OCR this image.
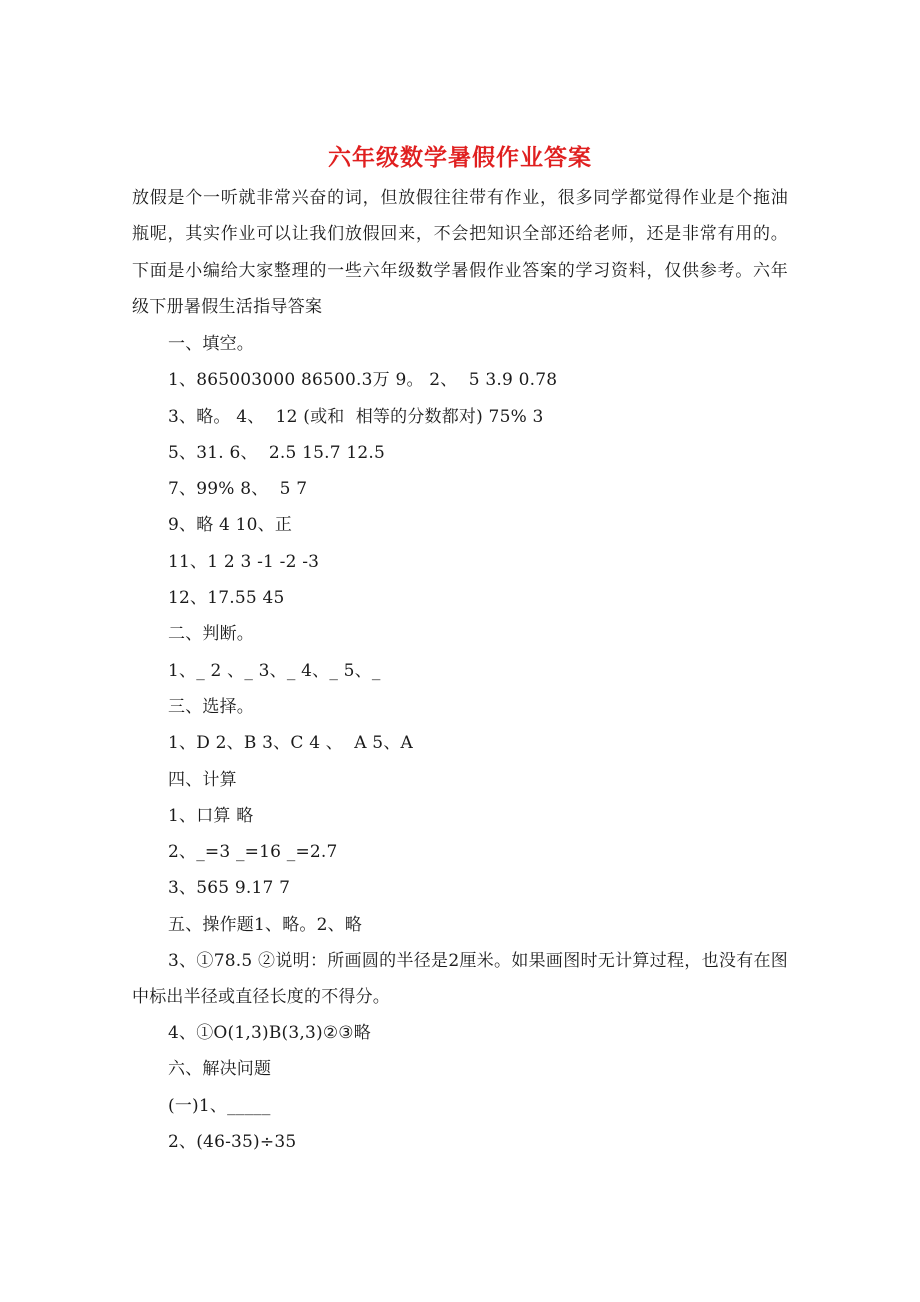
六年级数学暑假作业答案
放假是个一听就非常兴奋的词，但放假往往带有作业，很多同学都觉得作业是个拖油瓶呢，其实作业可以让我们放假回来，不会把知识全部还给老师，还是非常有用的。下面是小编给大家整理的一些六年级数学暑假作业答案的学习资料，仅供参考。六年级下册暑假生活指导答案
一、填空。
1、865003000 86500.3万 9。 2、  5 3.9 0.78
3、略。 4、  12 (或和  相等的分数都对) 75% 3
5、31. 6、  2.5 15.7 12.5
7、99% 8、  5 7
9、略 4 10、正
11、1 2 3 -1 -2 -3
12、17.55 45
二、判断。
1、_ 2 、_ 3、_ 4、_ 5、_
三、选择。
1、D 2、B 3、C 4 、  A 5、A
四、计算
1、口算 略
2、_=3 _=16 _=2.7
3、565 9.17 7
五、操作题1、略。2、略
3、①78.5 ②说明：所画圆的半径是2厘米。如果画图时无计算过程，也没有在图中标出半径或直径长度的不得分。
4、①O(1,3)B(3,3)②③略
六、解决问题
(一)1、_____
2、(46-35)÷35
